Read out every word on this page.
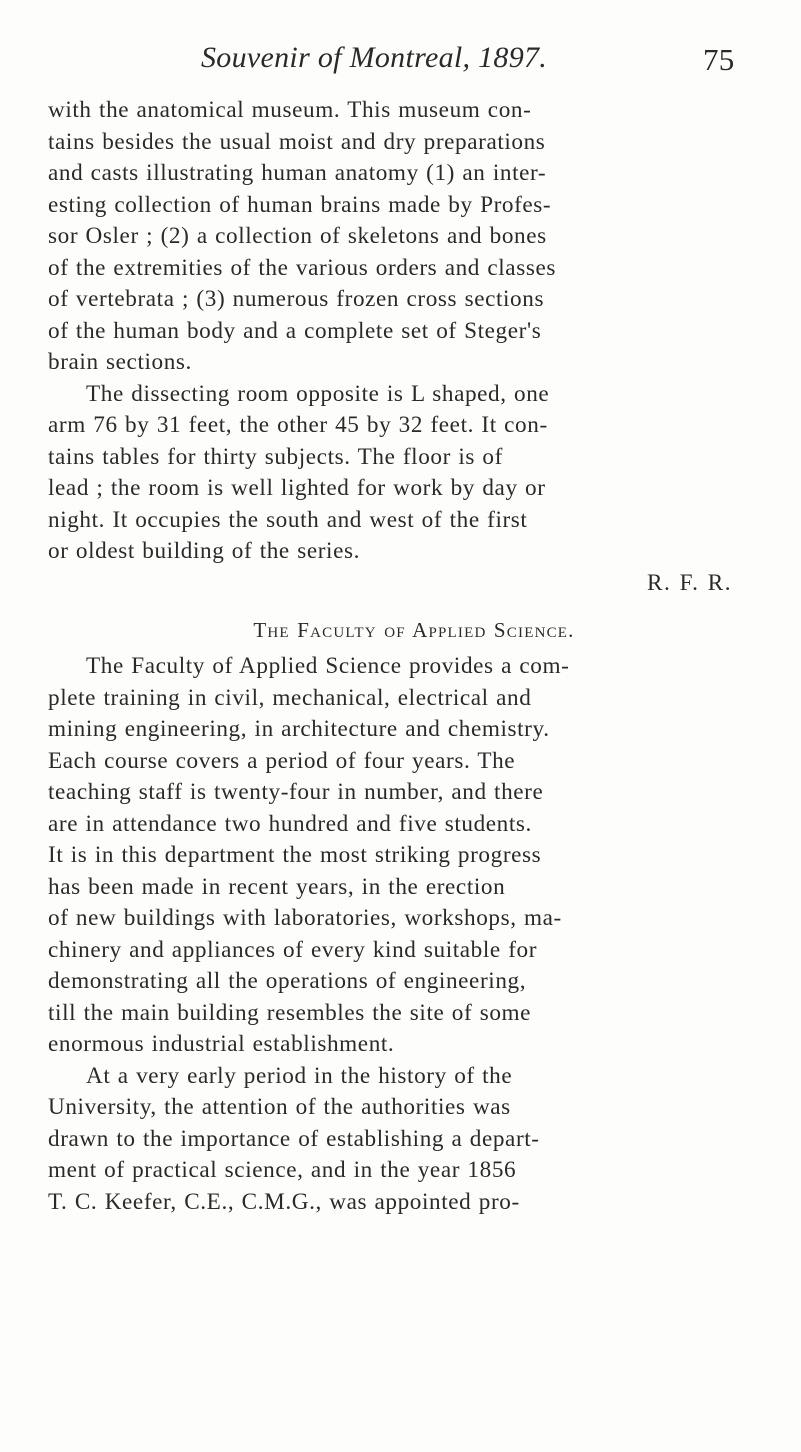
Souvenir of Montreal, 1897.	75
with the anatomical museum. This museum con-
tains besides the usual moist and dry preparations
and casts illustrating human anatomy (1) an inter-
esting collection of human brains made by Profes-
sor Osler ; (2) a collection of skeletons and bones
of the extremities of the various orders and classes
of vertebrata ; (3) numerous frozen cross sections
of the human body and a complete set of Steger's
brain sections.
The dissecting room opposite is L shaped, one
arm 76 by 31 feet, the other 45 by 32 feet. It con-
tains tables for thirty subjects. The floor is of
lead ; the room is well lighted for work by day or
night. It occupies the south and west of the first
or oldest building of the series.
R. F. R.
The Faculty of Applied Science.
The Faculty of Applied Science provides a com-
plete training in civil, mechanical, electrical and
mining engineering, in architecture and chemistry.
Each course covers a period of four years. The
teaching staff is twenty-four in number, and there
are in attendance two hundred and five students.
It is in this department the most striking progress
has been made in recent years, in the erection
of new buildings with laboratories, workshops, ma-
chinery and appliances of every kind suitable for
demonstrating all the operations of engineering,
till the main building resembles the site of some
enormous industrial establishment.
At a very early period in the history of the
University, the attention of the authorities was
drawn to the importance of establishing a depart-
ment of practical science, and in the year 1856
T. C. Keefer, C.E., C.M.G., was appointed pro-
